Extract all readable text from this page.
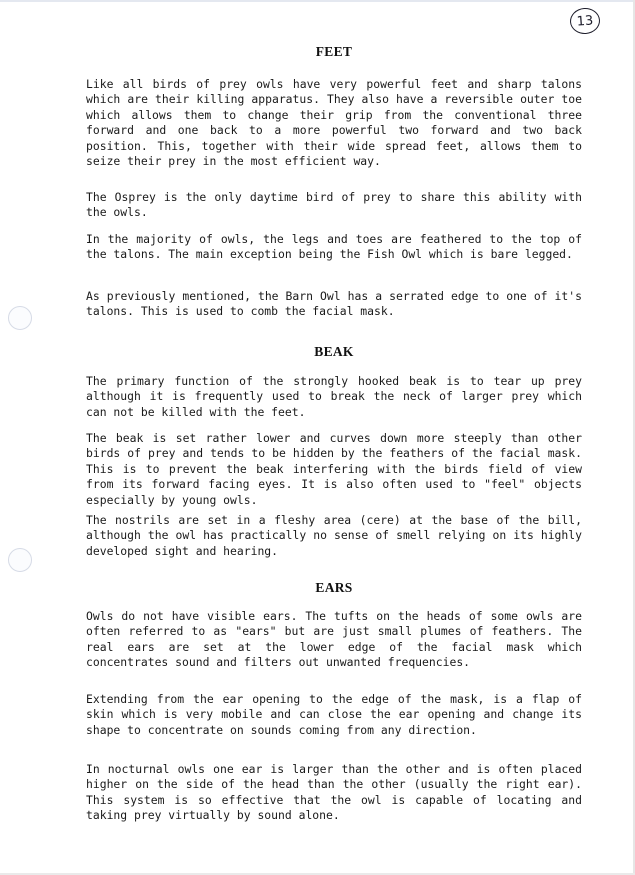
13
FEET

Like all birds of prey owls have very powerful feet and sharp talons which are their killing apparatus. They also have a reversible outer toe which allows them to change their grip from the conventional three forward and one back to a more powerful two forward and two back position. This, together with their wide spread feet, allows them to seize their prey in the most efficient way.

The Osprey is the only daytime bird of prey to share this ability with the owls.

In the majority of owls, the legs and toes are feathered to the top of the talons. The main exception being the Fish Owl which is bare legged.

As previously mentioned, the Barn Owl has a serrated edge to one of it's talons. This is used to comb the facial mask.

BEAK

The primary function of the strongly hooked beak is to tear up prey although it is frequently used to break the neck of larger prey which can not be killed with the feet.

The beak is set rather lower and curves down more steeply than other birds of prey and tends to be hidden by the feathers of the facial mask. This is to prevent the beak interfering with the birds field of view from its forward facing eyes. It is also often used to "feel" objects especially by young owls.

The nostrils are set in a fleshy area (cere) at the base of the bill, although the owl has practically no sense of smell relying on its highly developed sight and hearing.

EARS

Owls do not have visible ears. The tufts on the heads of some owls are often referred to as "ears" but are just small plumes of feathers. The real ears are set at the lower edge of the facial mask which concentrates sound and filters out unwanted frequencies.

Extending from the ear opening to the edge of the mask, is a flap of skin which is very mobile and can close the ear opening and change its shape to concentrate on sounds coming from any direction.

In nocturnal owls one ear is larger than the other and is often placed higher on the side of the head than the other (usually the right ear). This system is so effective that the owl is capable of locating and taking prey virtually by sound alone.
